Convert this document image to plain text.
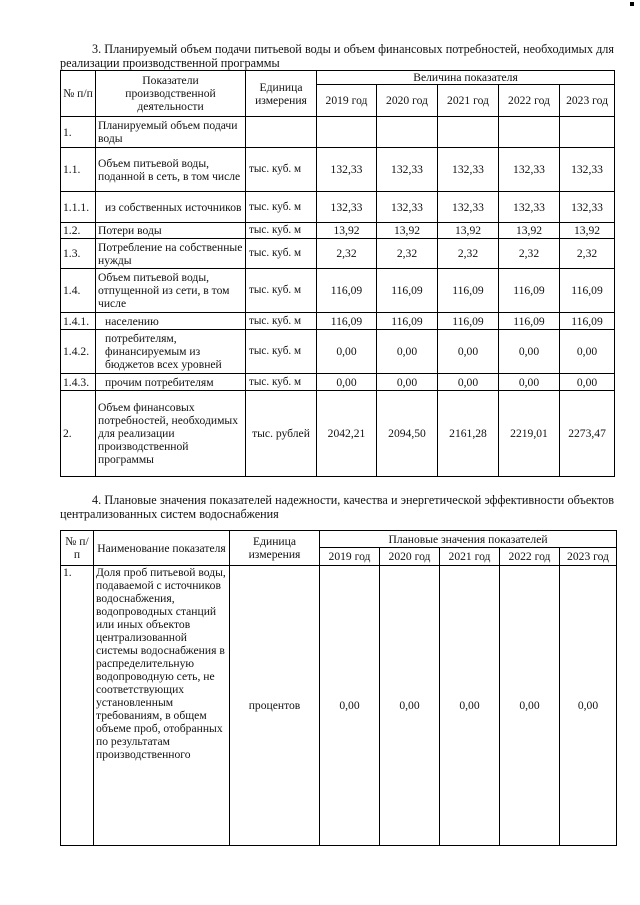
3. Планируемый объем подачи питьевой воды и объем финансовых потребностей, необходимых для реализации производственной программы
№ п/п	Показатели производственной деятельности	Единица измерения	Величина показателя				
			2019 год	2020 год	2021 год	2022 год	2023 год
1.	Планируемый объем подачи воды						
1.1.	Объем питьевой воды, поданной в сеть, в том числе	тыс. куб. м	132,33	132,33	132,33	132,33	132,33
1.1.1.	из собственных источников	тыс. куб. м	132,33	132,33	132,33	132,33	132,33
1.2.	Потери воды	тыс. куб. м	13,92	13,92	13,92	13,92	13,92
1.3.	Потребление на собственные нужды	тыс. куб. м	2,32	2,32	2,32	2,32	2,32
1.4.	Объем питьевой воды, отпущенной из сети, в том числе	тыс. куб. м	116,09	116,09	116,09	116,09	116,09
1.4.1.	населению	тыс. куб. м	116,09	116,09	116,09	116,09	116,09
1.4.2.	потребителям, финансируемым из бюджетов всех уровней	тыс. куб. м	0,00	0,00	0,00	0,00	0,00
1.4.3.	прочим потребителям	тыс. куб. м	0,00	0,00	0,00	0,00	0,00
2.	Объем финансовых потребностей, необходимых для реализации производственной программы	тыс. рублей	2042,21	2094,50	2161,28	2219,01	2273,47
4. Плановые значения показателей надежности, качества и энергетической эффективности объектов централизованных систем водоснабжения
№ п/п	Наименование показателя	Единица измерения	Плановые значения показателей				
			2019 год	2020 год	2021 год	2022 год	2023 год
1.	Доля проб питьевой воды, подаваемой с источников водоснабжения, водопроводных станций или иных объектов централизованной системы водоснабжения в распределительную водопроводную сеть, не соответствующих установленным требованиям, в общем объеме проб, отобранных по результатам производственного	процентов	0,00	0,00	0,00	0,00	0,00
